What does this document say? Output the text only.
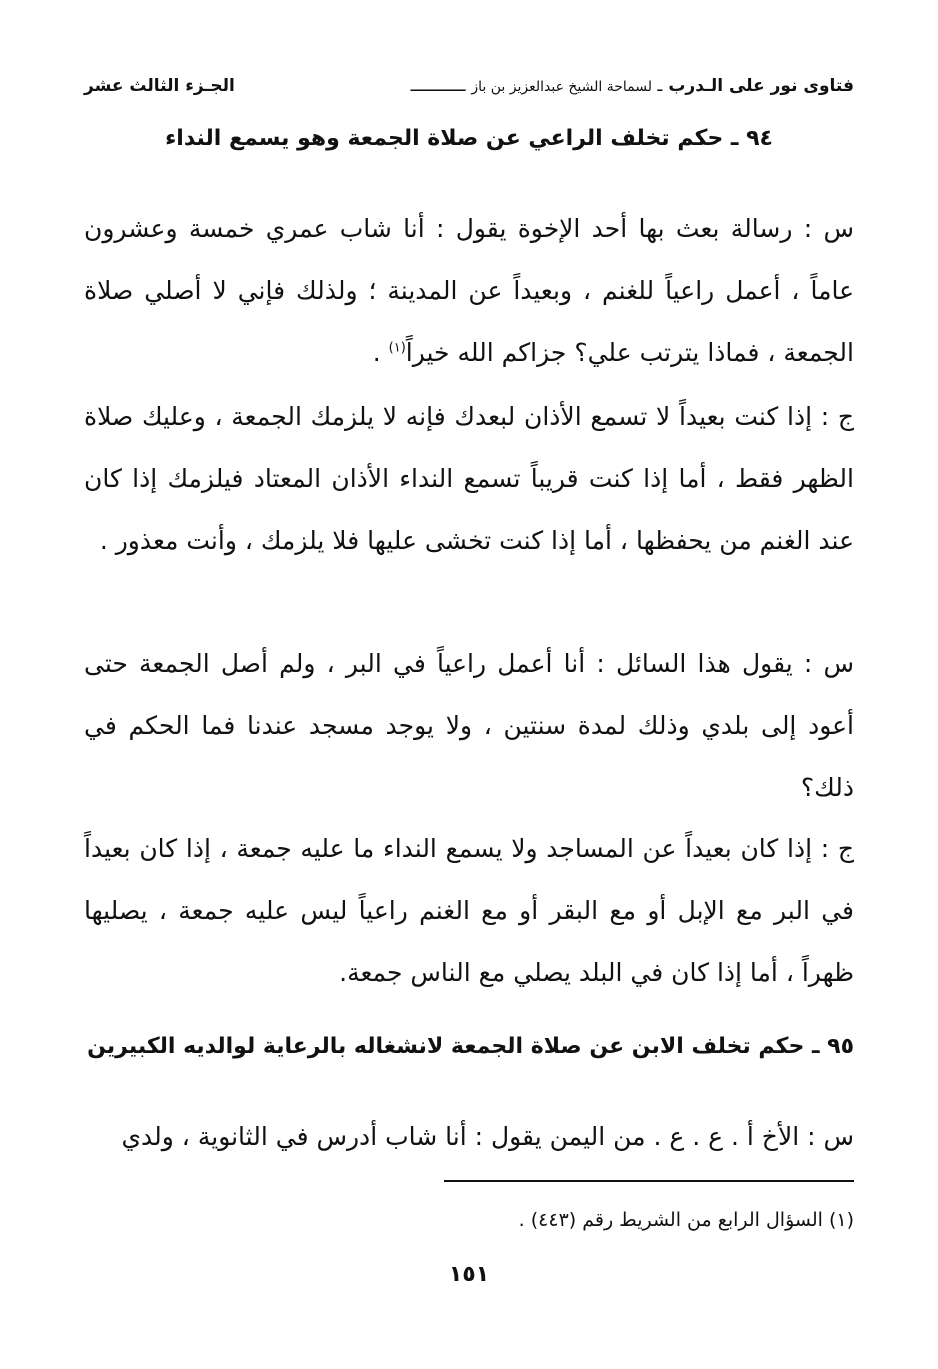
فتاوى نور على الـدرب ـ لسماحة الشيخ عبدالعزيز بن باز ـــــــــــ
الجـزء الثالث عشر
٩٤ ـ حكم تخلف الراعي عن صلاة الجمعة وهو يسمع النداء
س : رسالة بعث بها أحد الإخوة يقول : أنا شاب عمري خمسة وعشرون عاماً ، أعمل راعياً للغنم ، وبعيداً عن المدينة ؛ ولذلك فإني لا أصلي صلاة الجمعة ، فماذا يترتب علي؟ جزاكم الله خيراً$^{(١)}$ .
ج : إذا كنت بعيداً لا تسمع الأذان لبعدك فإنه لا يلزمك الجمعة ، وعليك صلاة الظهر فقط ، أما إذا كنت قريباً تسمع النداء الأذان المعتاد فيلزمك إذا كان عند الغنم من يحفظها ، أما إذا كنت تخشى عليها فلا يلزمك ، وأنت معذور .
س : يقول هذا السائل : أنا أعمل راعياً في البر ، ولم أصل الجمعة حتى أعود إلى بلدي وذلك لمدة سنتين ، ولا يوجد مسجد عندنا فما الحكم في ذلك؟
ج : إذا كان بعيداً عن المساجد ولا يسمع النداء ما عليه جمعة ، إذا كان بعيداً في البر مع الإبل أو مع البقر أو مع الغنم راعياً ليس عليه جمعة ، يصليها ظهراً ، أما إذا كان في البلد يصلي مع الناس جمعة.
٩٥ ـ حكم تخلف الابن عن صلاة الجمعة لانشغاله بالرعاية لوالديه الكبيرين
س : الأخ أ . ع . ع . من اليمن يقول : أنا شاب أدرس في الثانوية ، ولدي
(١) السؤال الرابع من الشريط رقم (٤٤٣) .
١٥١
